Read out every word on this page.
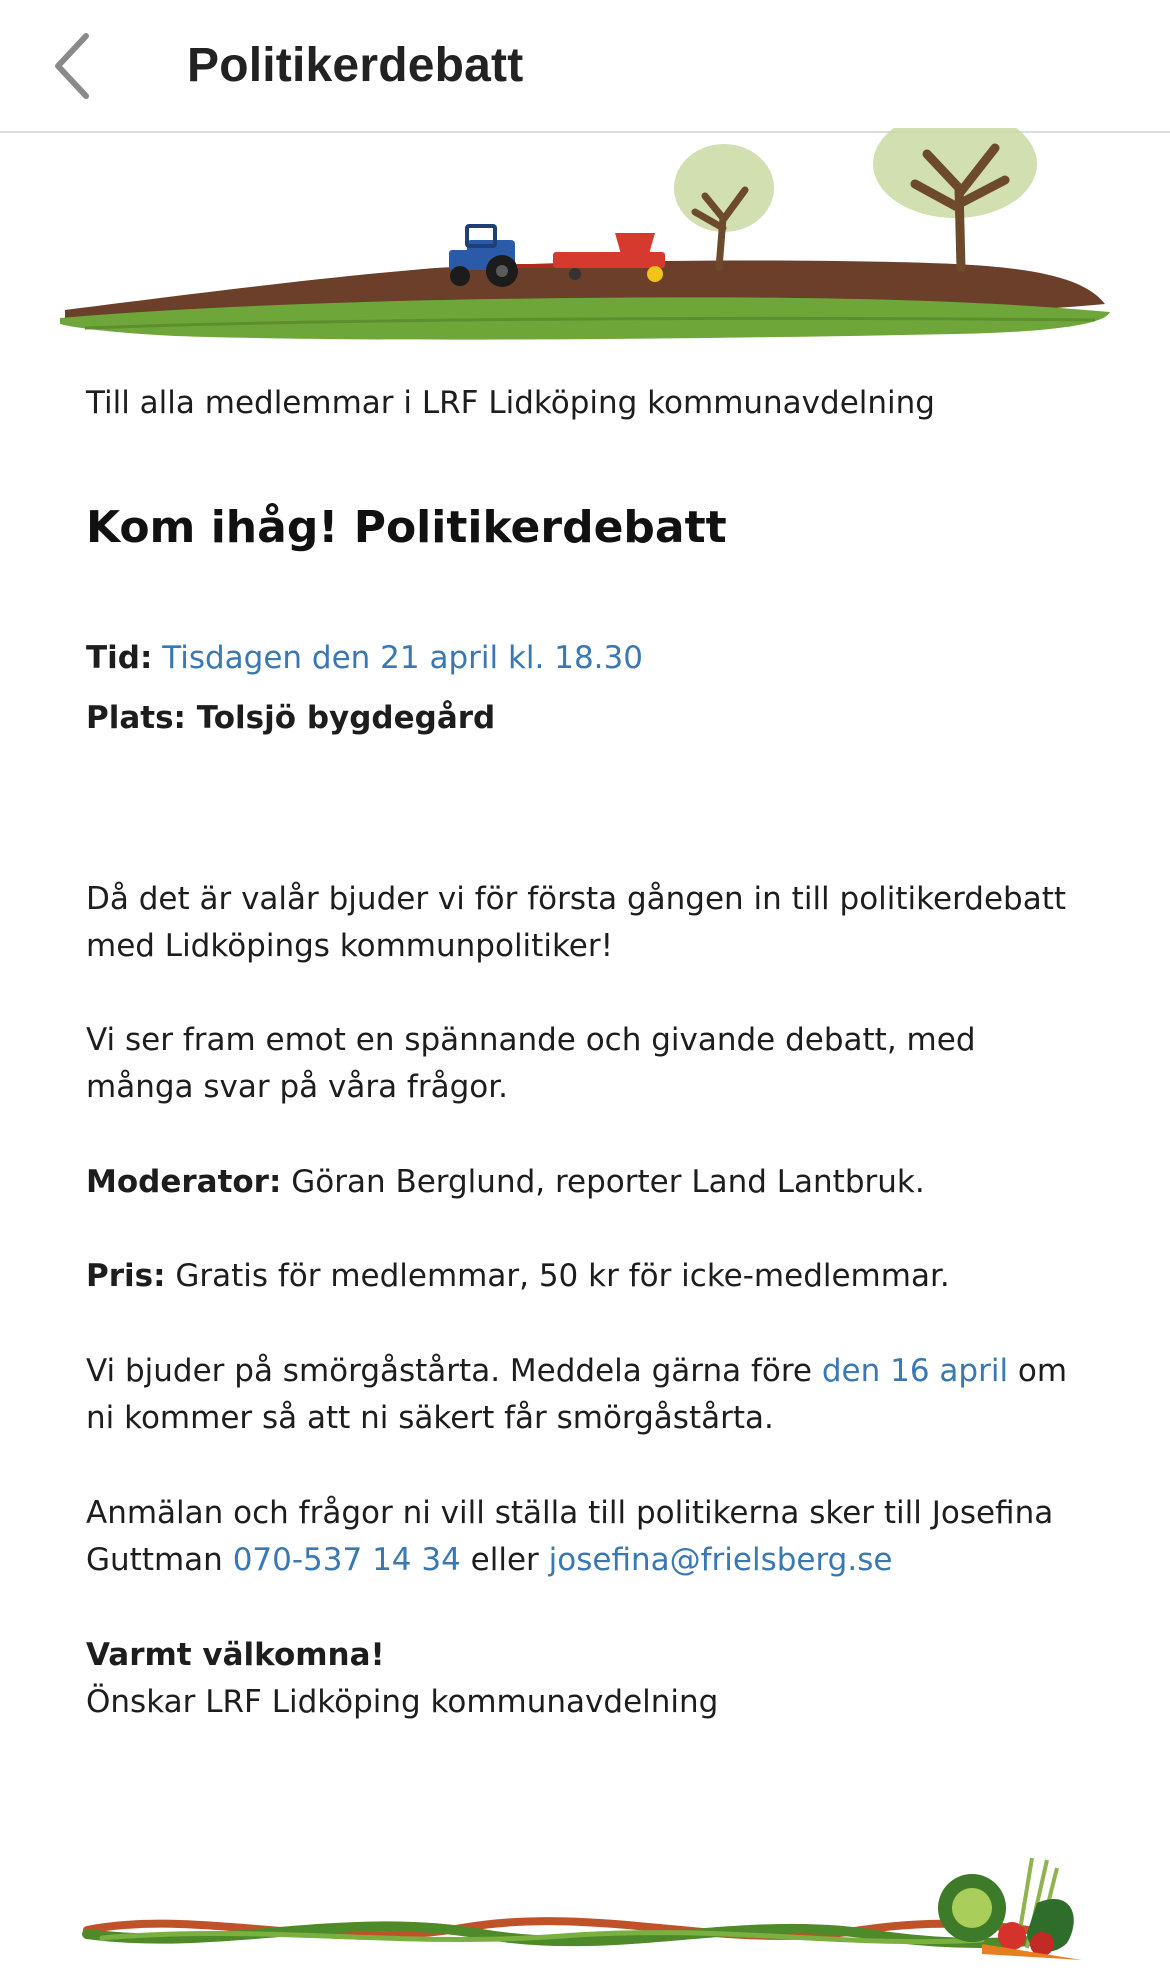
Politikerdebatt
Till alla medlemmar i LRF Lidköping kommunavdelning
Kom ihåg! Politikerdebatt
Tid: Tisdagen den 21 april kl. 18.30
Plats: Tolsjö bygdegård
Då det är valår bjuder vi för första gången in till politikerdebatt
med Lidköpings kommunpolitiker!
Vi ser fram emot en spännande och givande debatt, med
många svar på våra frågor.
Moderator: Göran Berglund, reporter Land Lantbruk.
Pris: Gratis för medlemmar, 50 kr för icke-medlemmar.
Vi bjuder på smörgåstårta. Meddela gärna före den 16 april om
ni kommer så att ni säkert får smörgåstårta.
Anmälan och frågor ni vill ställa till politikerna sker till Josefina
Guttman 070-537 14 34 eller josefina@frielsberg.se
Varmt välkomna!
Önskar LRF Lidköping kommunavdelning
